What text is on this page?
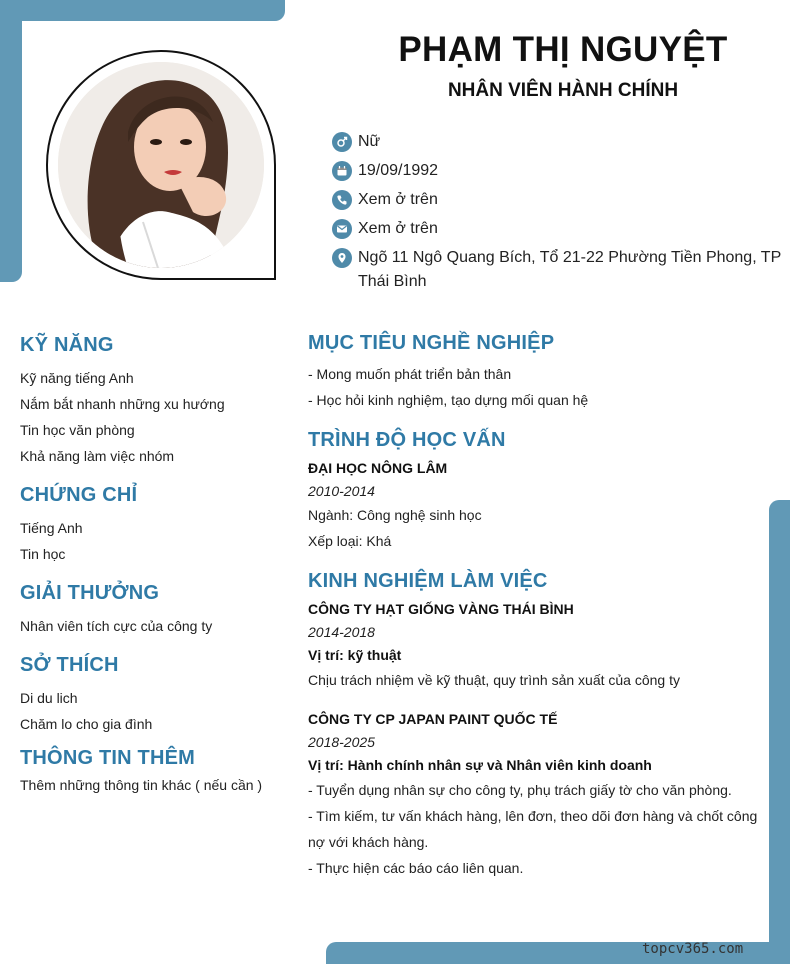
PHẠM THỊ NGUYỆT
NHÂN VIÊN HÀNH CHÍNH
Nữ
19/09/1992
Xem ở trên
Xem ở trên
Ngõ 11 Ngô Quang Bích, Tổ 21-22 Phường Tiền Phong, TP Thái Bình
KỸ NĂNG
Kỹ năng tiếng Anh
Nắm bắt nhanh những xu hướng
Tin học văn phòng
Khả năng làm việc nhóm
CHỨNG CHỈ
Tiếng Anh
Tin học
GIẢI THƯỞNG
Nhân viên tích cực của công ty
SỞ THÍCH
Di du lich
Chăm lo cho gia đình
THÔNG TIN THÊM
Thêm những thông tin khác ( nếu cần )
MỤC TIÊU NGHỀ NGHIỆP
- Mong muốn phát triển bản thân
- Học hỏi kinh nghiệm, tạo dựng mối quan hệ
TRÌNH ĐỘ HỌC VẤN
ĐẠI HỌC NÔNG LÂM
2010-2014
Ngành: Công nghệ sinh học
Xếp loại: Khá
KINH NGHIỆM LÀM VIỆC
CÔNG TY HẠT GIỐNG VÀNG THÁI BÌNH
2014-2018
Vị trí: kỹ thuật
Chịu trách nhiệm về kỹ thuật, quy trình sản xuất của công ty
CÔNG TY CP JAPAN PAINT QUỐC TẾ
2018-2025
Vị trí: Hành chính nhân sự và Nhân viên kinh doanh
- Tuyển dụng nhân sự cho công ty, phụ trách giấy tờ cho văn phòng.
- Tìm kiếm, tư vấn khách hàng, lên đơn, theo dõi đơn hàng và chốt công nợ với khách hàng.
- Thực hiện các báo cáo liên quan.
topcv365.com
